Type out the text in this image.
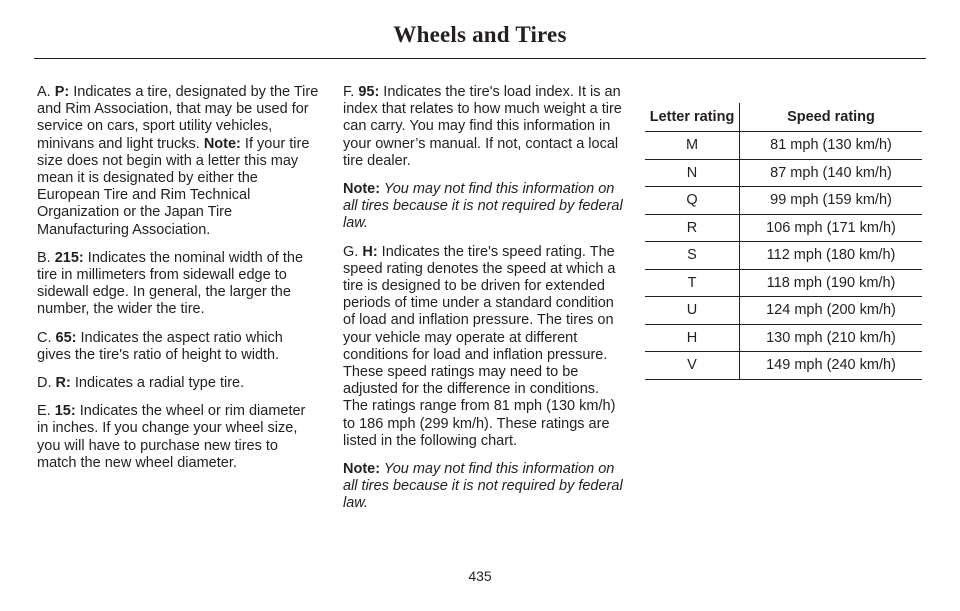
Wheels and Tires

A. P: Indicates a tire, designated by the Tire and Rim Association, that may be used for service on cars, sport utility vehicles, minivans and light trucks. Note: If your tire size does not begin with a letter this may mean it is designated by either the European Tire and Rim Technical Organization or the Japan Tire Manufacturing Association.

B. 215: Indicates the nominal width of the tire in millimeters from sidewall edge to sidewall edge. In general, the larger the number, the wider the tire.

C. 65: Indicates the aspect ratio which gives the tire's ratio of height to width.

D. R: Indicates a radial type tire.

E. 15: Indicates the wheel or rim diameter in inches. If you change your wheel size, you will have to purchase new tires to match the new wheel diameter.

F. 95: Indicates the tire's load index. It is an index that relates to how much weight a tire can carry. You may find this information in your owner’s manual. If not, contact a local tire dealer.

Note: You may not find this information on all tires because it is not required by federal law.

G. H: Indicates the tire's speed rating. The speed rating denotes the speed at which a tire is designed to be driven for extended periods of time under a standard condition of load and inflation pressure. The tires on your vehicle may operate at different conditions for load and inflation pressure. These speed ratings may need to be adjusted for the difference in conditions. The ratings range from 81 mph (130 km/h) to 186 mph (299 km/h). These ratings are listed in the following chart.

Note: You may not find this information on all tires because it is not required by federal law.

Letter rating	Speed rating
M	81 mph (130 km/h)
N	87 mph (140 km/h)
Q	99 mph (159 km/h)
R	106 mph (171 km/h)
S	112 mph (180 km/h)
T	118 mph (190 km/h)
U	124 mph (200 km/h)
H	130 mph (210 km/h)
V	149 mph (240 km/h)
435
